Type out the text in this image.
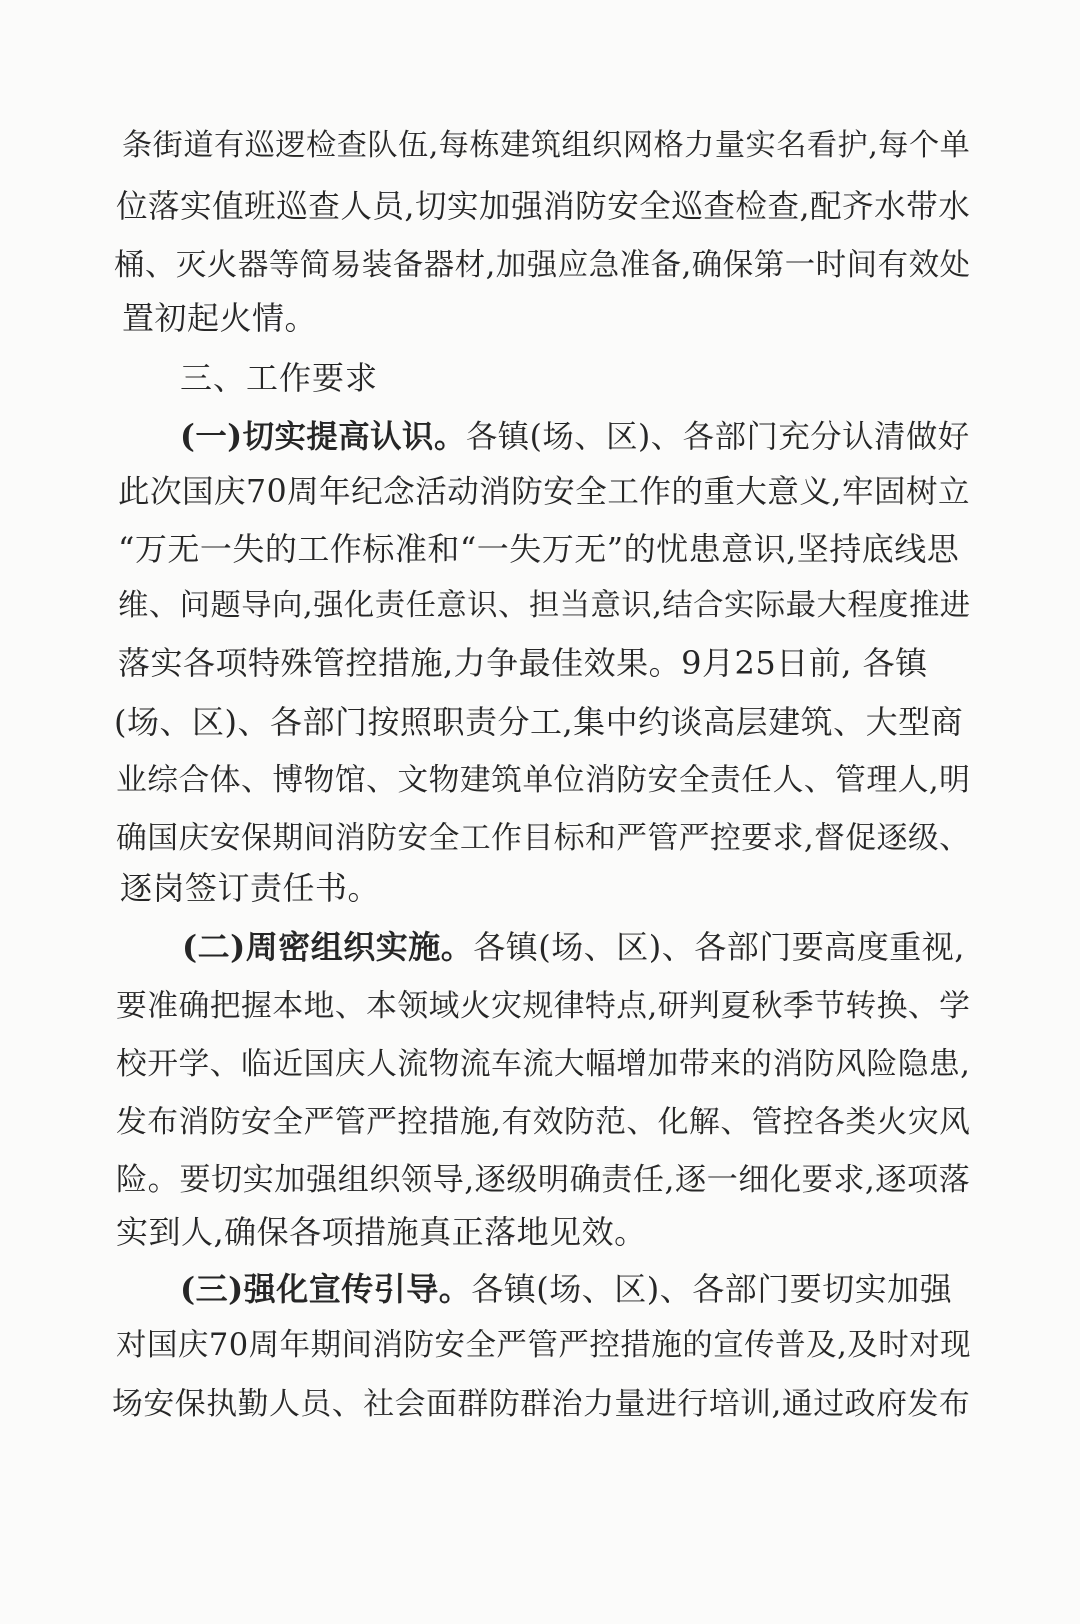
条街道有巡逻检查队伍,每栋建筑组织网格力量实名看护,每个单
位落实值班巡查人员,切实加强消防安全巡查检查,配齐水带水
桶、灭火器等简易装备器材,加强应急准备,确保第一时间有效处
置初起火情。
三、工作要求
(一)切实提高认识。各镇(场、区)、各部门充分认清做好
此次国庆70周年纪念活动消防安全工作的重大意义,牢固树立
“万无一失的工作标准和“一失万无”的忧患意识,坚持底线思
维、问题导向,强化责任意识、担当意识,结合实际最大程度推进
落实各项特殊管控措施,力争最佳效果。9月25日前, 各镇
(场、区)、各部门按照职责分工,集中约谈高层建筑、大型商
业综合体、博物馆、文物建筑单位消防安全责任人、管理人,明
确国庆安保期间消防安全工作目标和严管严控要求,督促逐级、
逐岗签订责任书。
(二)周密组织实施。各镇(场、区)、各部门要高度重视,
要准确把握本地、本领域火灾规律特点,研判夏秋季节转换、学
校开学、临近国庆人流物流车流大幅增加带来的消防风险隐患,
发布消防安全严管严控措施,有效防范、化解、管控各类火灾风
险。要切实加强组织领导,逐级明确责任,逐一细化要求,逐项落
实到人,确保各项措施真正落地见效。
(三)强化宣传引导。各镇(场、区)、各部门要切实加强
对国庆70周年期间消防安全严管严控措施的宣传普及,及时对现
场安保执勤人员、社会面群防群治力量进行培训,通过政府发布
